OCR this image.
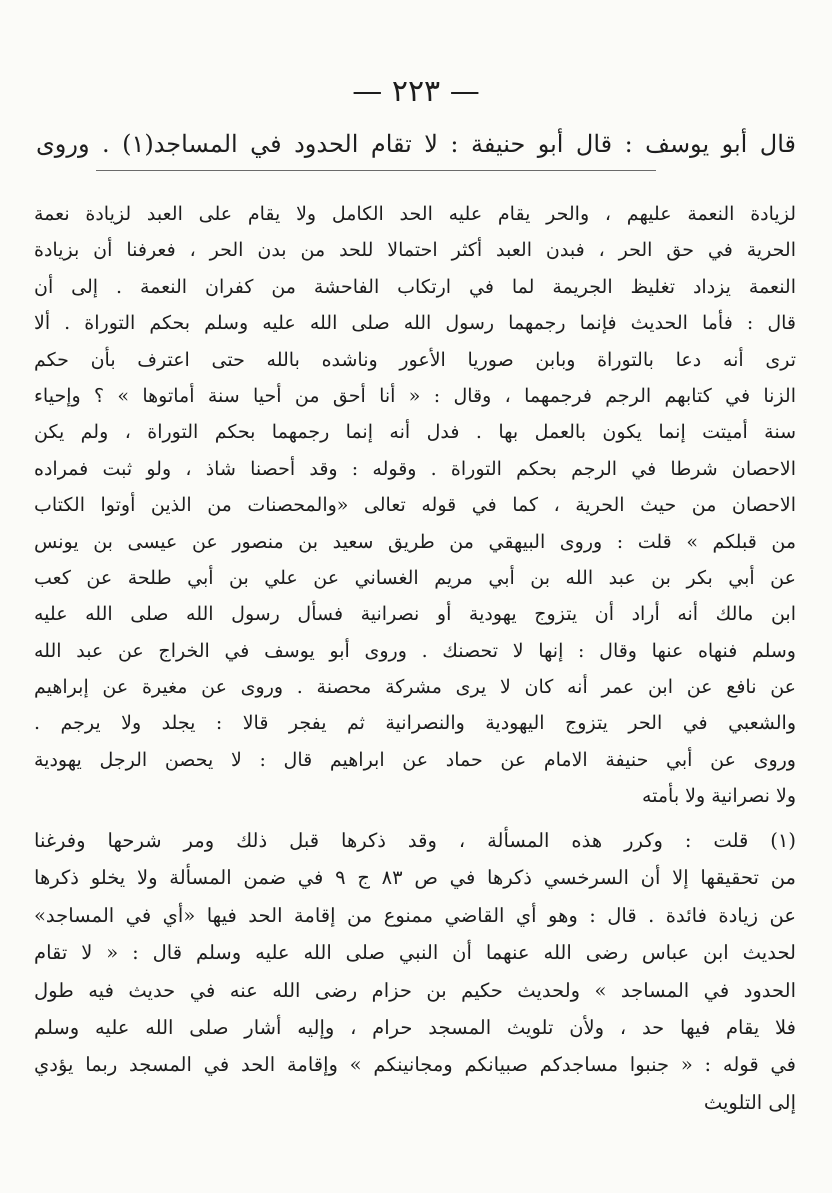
— ٢٢٣ —
قال أبو يوسف : قال أبو حنيفة : لا تقام الحدود في المساجد(١) . وروى
لزيادة النعمة عليهم ، والحر يقام عليه الحد الكامل ولا يقام على العبد لزيادة نعمة
الحرية في حق الحر ، فبدن العبد أكثر احتمالا للحد من بدن الحر ، فعرفنا أن بزيادة
النعمة يزداد تغليظ الجريمة لما في ارتكاب الفاحشة من كفران النعمة . إلى أن
قال : فأما الحديث فإنما رجمهما رسول الله صلى الله عليه وسلم بحكم التوراة . ألا
ترى أنه دعا بالتوراة وبابن صوريا الأعور وناشده بالله حتى اعترف بأن حكم
الزنا في كتابهم الرجم فرجمهما ، وقال : « أنا أحق من أحيا سنة أماتوها » ؟ وإحياء
سنة أميتت إنما يكون بالعمل بها . فدل أنه إنما رجمهما بحكم التوراة ، ولم يكن
الاحصان شرطا في الرجم بحكم التوراة . وقوله : وقد أحصنا شاذ ، ولو ثبت فمراده
الاحصان من حيث الحرية ، كما في قوله تعالى «والمحصنات من الذين أوتوا الكتاب
من قبلكم » قلت : وروى البيهقي من طريق سعيد بن منصور عن عيسى بن يونس
عن أبي بكر بن عبد الله بن أبي مريم الغساني عن علي بن أبي طلحة عن كعب
ابن مالك أنه أراد أن يتزوج يهودية أو نصرانية فسأل رسول الله صلى الله عليه
وسلم فنهاه عنها وقال : إنها لا تحصنك . وروى أبو يوسف في الخراج عن عبد الله
عن نافع عن ابن عمر أنه كان لا يرى مشركة محصنة . وروى عن مغيرة عن إبراهيم
والشعبي في الحر يتزوج اليهودية والنصرانية ثم يفجر قالا : يجلد ولا يرجم .
وروى عن أبي حنيفة الامام عن حماد عن ابراهيم قال : لا يحصن الرجل يهودية
ولا نصرانية ولا بأمته
(١) قلت : وكرر هذه المسألة ، وقد ذكرها قبل ذلك ومر شرحها وفرغنا
من تحقيقها إلا أن السرخسي ذكرها في ص ٨٣ ج ٩ في ضمن المسألة ولا يخلو ذكرها
عن زيادة فائدة . قال : وهو أي القاضي ممنوع من إقامة الحد فيها «أي في المساجد»
لحديث ابن عباس رضى الله عنهما أن النبي صلى الله عليه وسلم قال : « لا تقام
الحدود في المساجد » ولحديث حكيم بن حزام رضى الله عنه في حديث فيه طول
فلا يقام فيها حد ، ولأن تلويث المسجد حرام ، وإليه أشار صلى الله عليه وسلم
في قوله : « جنبوا مساجدكم صبيانكم ومجانينكم » وإقامة الحد في المسجد ربما يؤدي
إلى التلويث
